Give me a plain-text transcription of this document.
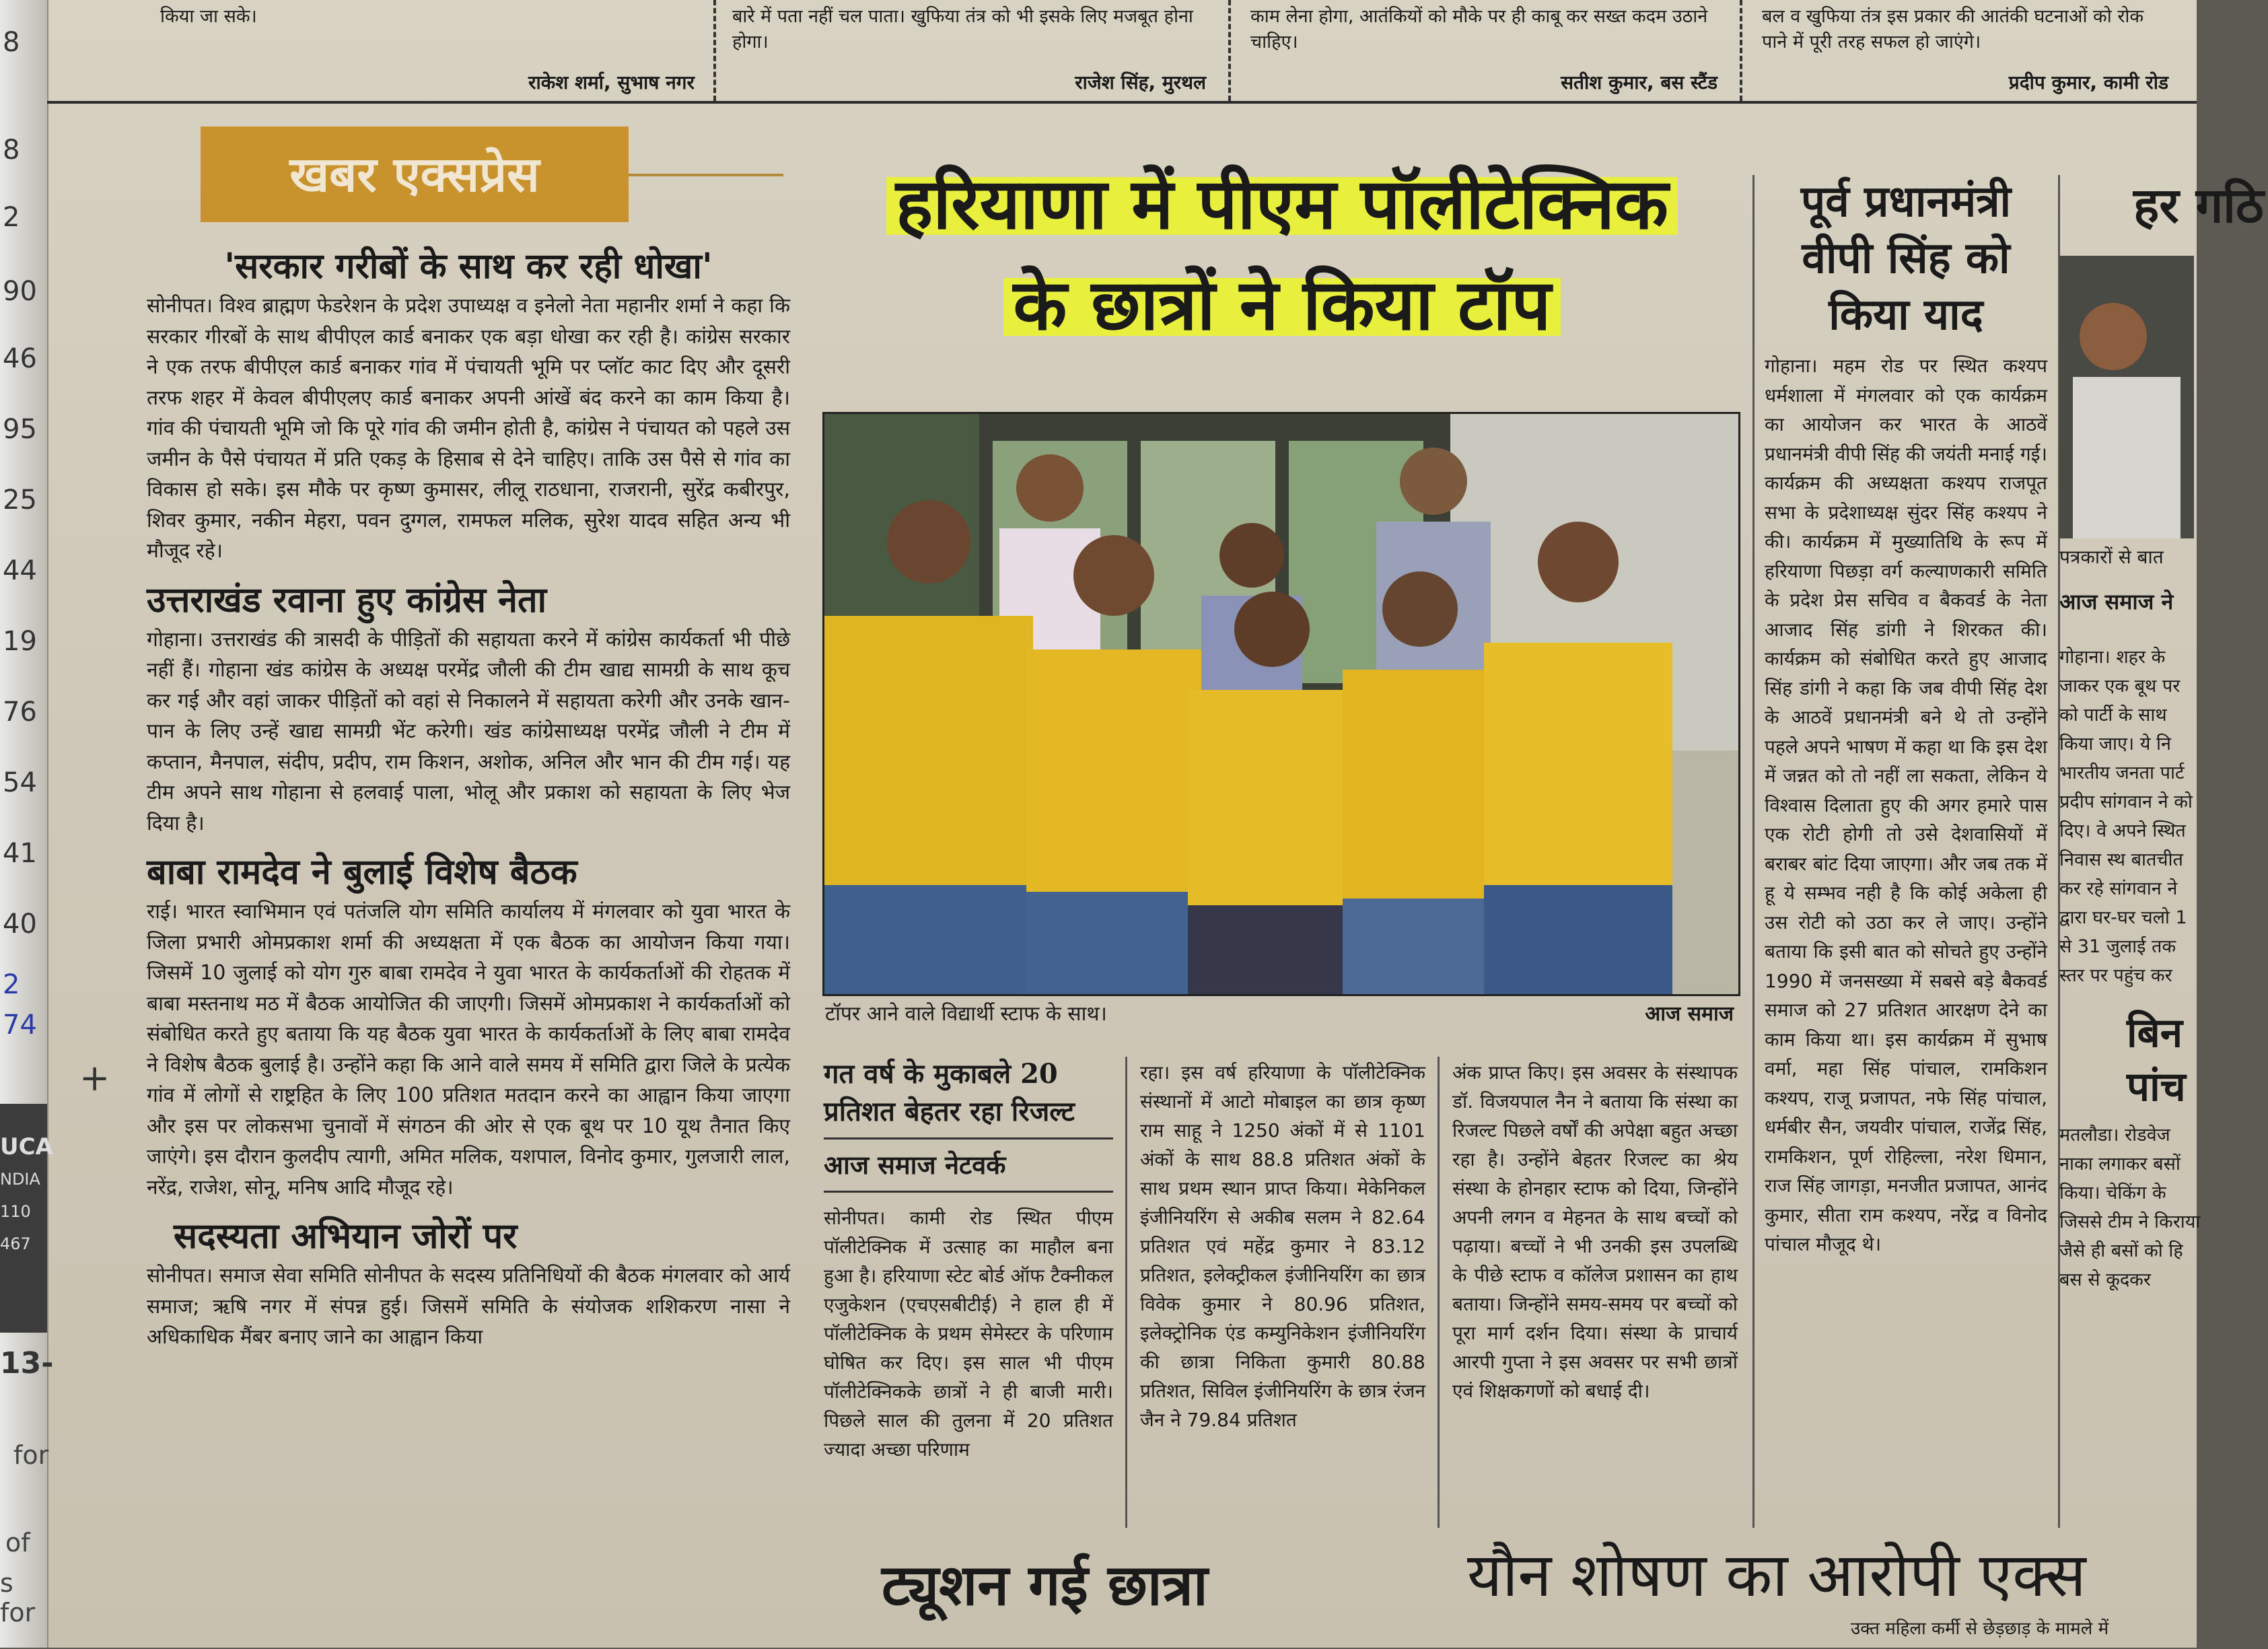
8
8
2
90
46
95
25
44
19
76
54
41
40
2
74
UCA
NDIA
110
467
13-
for
of
s for
किया जा सके।
राकेश शर्मा, सुभाष नगर
बारे में पता नहीं चल पाता। खुफिया तंत्र को भी इसके लिए मजबूत होना होगा।
राजेश सिंह, मुरथल
काम लेना होगा, आतंकियों को मौके पर ही काबू कर सख्त कदम उठाने चाहिए।
सतीश कुमार, बस स्टैंड
बल व खुफिया तंत्र इस प्रकार की आतंकी घटनाओं को रोक पाने में पूरी तरह सफल हो जाएंगे।
प्रदीप कुमार, कामी रोड
खबर एक्सप्रेस
'सरकार गरीबों के साथ कर रही धोखा'
सोनीपत। विश्व ब्राह्मण फेडरेशन के प्रदेश उपाध्यक्ष व इनेलो नेता महानीर शर्मा ने कहा कि सरकार गीरबों के साथ बीपीएल कार्ड बनाकर एक बड़ा धोखा कर रही है। कांग्रेस सरकार ने एक तरफ बीपीएल कार्ड बनाकर गांव में पंचायती भूमि पर प्लॉट काट दिए और दूसरी तरफ शहर में केवल बीपीएलए कार्ड बनाकर अपनी आंखें बंद करने का काम किया है। गांव की पंचायती भूमि जो कि पूरे गांव की जमीन होती है, कांग्रेस ने पंचायत को पहले उस जमीन के पैसे पंचायत में प्रति एकड़ के हिसाब से देने चाहिए। ताकि उस पैसे से गांव का विकास हो सके। इस मौके पर कृष्ण कुमासर, लीलू राठधाना, राजरानी, सुरेंद्र कबीरपुर, शिवर कुमार, नकीन मेहरा, पवन दुग्गल, रामफल मलिक, सुरेश यादव सहित अन्य भी मौजूद रहे।
उत्तराखंड रवाना हुए कांग्रेस नेता
गोहाना। उत्तराखंड की त्रासदी के पीड़ितों की सहायता करने में कांग्रेस कार्यकर्ता भी पीछे नहीं हैं। गोहाना खंड कांग्रेस के अध्यक्ष परमेंद्र जौली की टीम खाद्य सामग्री के साथ कूच कर गई और वहां जाकर पीड़ितों को वहां से निकालने में सहायता करेगी और उनके खान-पान के लिए उन्हें खाद्य सामग्री भेंट करेगी। खंड कांग्रेसाध्यक्ष परमेंद्र जौली ने टीम में कप्तान, मैनपाल, संदीप, प्रदीप, राम किशन, अशोक, अनिल और भान की टीम गई। यह टीम अपने साथ गोहाना से हलवाई पाला, भोलू और प्रकाश को सहायता के लिए भेज दिया है।
बाबा रामदेव ने बुलाई विशेष बैठक
राई। भारत स्वाभिमान एवं पतंजलि योग समिति कार्यालय में मंगलवार को युवा भारत के जिला प्रभारी ओमप्रकाश शर्मा की अध्यक्षता में एक बैठक का आयोजन किया गया। जिसमें 10 जुलाई को योग गुरु बाबा रामदेव ने युवा भारत के कार्यकर्ताओं की रोहतक में बाबा मस्तनाथ मठ में बैठक आयोजित की जाएगी। जिसमें ओमप्रकाश ने कार्यकर्ताओं को संबोधित करते हुए बताया कि यह बैठक युवा भारत के कार्यकर्ताओं के लिए बाबा रामदेव ने विशेष बैठक बुलाई है। उन्होंने कहा कि आने वाले समय में समिति द्वारा जिले के प्रत्येक गांव में लोगों से राष्ट्रहित के लिए 100 प्रतिशत मतदान करने का आह्वान किया जाएगा और इस पर लोकसभा चुनावों में संगठन की ओर से एक बूथ पर 10 यूथ तैनात किए जाएंगे। इस दौरान कुलदीप त्यागी, अमित मलिक, यशपाल, विनोद कुमार, गुलजारी लाल, नरेंद्र, राजेश, सोनू, मनिष आदि मौजूद रहे।
सदस्यता अभियान जोरों पर
सोनीपत। समाज सेवा समिति सोनीपत के सदस्य प्रतिनिधियों की बैठक मंगलवार को आर्य समाज; ऋषि नगर में संपन्न हुई। जिसमें समिति के संयोजक शशिकरण नासा ने अधिकाधिक मैंबर बनाए जाने का आह्वान किया
+
हरियाणा में पीएम पॉलीटेक्निक
के छात्रों ने किया टॉप
टॉपर आने वाले विद्यार्थी स्टाफ के साथ।	आज समाज
गत वर्ष के मुकाबले 20 प्रतिशत बेहतर रहा रिजल्ट
आज समाज नेटवर्क
सोनीपत। कामी रोड स्थित पीएम पॉलीटेक्निक में उत्साह का माहौल बना हुआ है। हरियाणा स्टेट बोर्ड ऑफ टैक्नीकल एजुकेशन (एचएसबीटीई) ने हाल ही में पॉलीटेक्निक के प्रथम सेमेस्टर के परिणाम घोषित कर दिए। इस साल भी पीएम पॉलीटेक्निकके छात्रों ने ही बाजी मारी। पिछले साल की तुलना में 20 प्रतिशत ज्यादा अच्छा परिणाम
रहा। इस वर्ष हरियाणा के पॉलीटेक्निक संस्थानों में आटो मोबाइल का छात्र कृष्ण राम साहू ने 1250 अंकों में से 1101 अंकों के साथ 88.8 प्रतिशत अंकों के साथ प्रथम स्थान प्राप्त किया। मेकेनिकल इंजीनियरिंग से अकीब सलम ने 82.64 प्रतिशत एवं महेंद्र कुमार ने 83.12 प्रतिशत, इलेक्ट्रीकल इंजीनियरिंग का छात्र विवेक कुमार ने 80.96 प्रतिशत, इलेक्ट्रोनिक एंड कम्युनिकेशन इंजीनियरिंग की छात्रा निकिता कुमारी 80.88 प्रतिशत, सिविल इंजीनियरिंग के छात्र रंजन जैन ने 79.84 प्रतिशत
अंक प्राप्त किए। इस अवसर के संस्थापक डॉ. विजयपाल नैन ने बताया कि संस्था का रिजल्ट पिछले वर्षों की अपेक्षा बहुत अच्छा रहा है। उन्होंने बेहतर रिजल्ट का श्रेय संस्था के होनहार स्टाफ को दिया, जिन्होंने अपनी लगन व मेहनत के साथ बच्चों को पढ़ाया। बच्चों ने भी उनकी इस उपलब्धि के पीछे स्टाफ व कॉलेज प्रशासन का हाथ बताया। जिन्होंने समय-समय पर बच्चों को पूरा मार्ग दर्शन दिया। संस्था के प्राचार्य आरपी गुप्ता ने इस अवसर पर सभी छात्रों एवं शिक्षकगणों को बधाई दी।
पूर्व प्रधानमंत्री वीपी सिंह को किया याद
गोहाना। महम रोड पर स्थित कश्यप धर्मशाला में मंगलवार को एक कार्यक्रम का आयोजन कर भारत के आठवें प्रधानमंत्री वीपी सिंह की जयंती मनाई गई। कार्यक्रम की अध्यक्षता कश्यप राजपूत सभा के प्रदेशाध्यक्ष सुंदर सिंह कश्यप ने की। कार्यक्रम में मुख्यातिथि के रूप में हरियाणा पिछड़ा वर्ग कल्याणकारी समिति के प्रदेश प्रेस सचिव व बैकवर्ड के नेता आजाद सिंह डांगी ने शिरकत की। कार्यक्रम को संबोधित करते हुए आजाद सिंह डांगी ने कहा कि जब वीपी सिंह देश के आठवें प्रधानमंत्री बने थे तो उन्होंने पहले अपने भाषण में कहा था कि इस देश में जन्नत को तो नहीं ला सकता, लेकिन ये विश्वास दिलाता हुए की अगर हमारे पास एक रोटी होगी तो उसे देशवासियों में बराबर बांट दिया जाएगा। और जब तक में हू ये सम्भव नही है कि कोई अकेला ही उस रोटी को उठा कर ले जाए। उन्होंने बताया कि इसी बात को सोचते हुए उन्होंने 1990 में जनसख्या में सबसे बड़े बैकवर्ड समाज को 27 प्रतिशत आरक्षण देने का काम किया था। इस कार्यक्रम में सुभाष वर्मा, महा सिंह पांचाल, रामकिशन कश्यप, राजू प्रजापत, नफे सिंह पांचाल, धर्मबीर सैन, जयवीर पांचाल, राजेंद्र सिंह, रामकिशन, पूर्ण रोहिल्ला, नरेश धिमान, राज सिंह जागड़ा, मनजीत प्रजापत, आनंद कुमार, सीता राम कश्यप, नरेंद्र व विनोद पांचाल मौजूद थे।
हर गठि
पत्रकारों से बात
आज समाज ने
गोहाना। शहर के जाकर एक बूथ पर को पार्टी के साथ किया जाए। ये नि भारतीय जनता पार्ट प्रदीप सांगवान ने को दिए। वे अपने स्थित निवास स्थ बातचीत कर रहे सांगवान ने द्वारा घर-घर चलो 1 से 31 जुलाई तक स्तर पर पहुंच कर
बिन पांच
मतलौडा। रोडवेज नाका लगाकर बसों किया। चेकिंग के जिससे टीम ने किराया जैसे ही बसों को हि बस से कूदकर
ट्यूशन गई छात्रा	यौन शोषण का आरोपी एक्स
उक्त महिला कर्मी से छेड़छाड़ के मामले में
